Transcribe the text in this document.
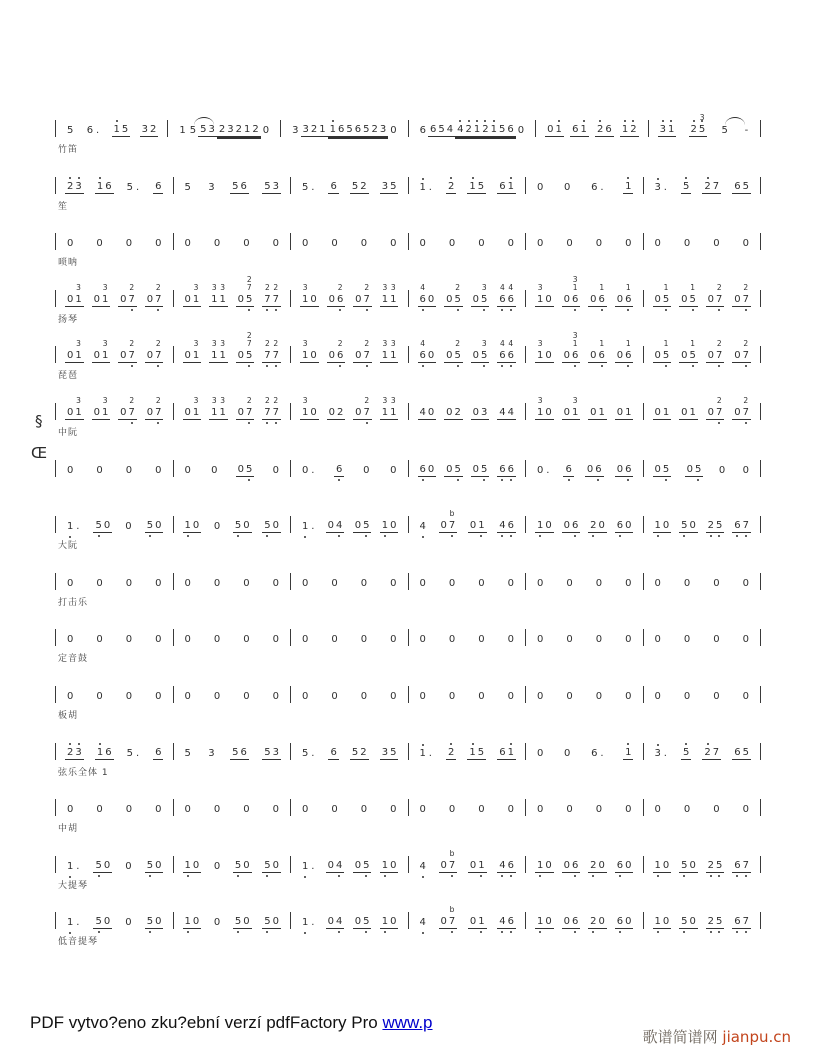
5 6 . 1 5 3 2 1 5 5 3 2 3 2 1 2 0 3 3 2 1 1 6 5 6 5 2 3 0 6 6 5 4 4 2 1 2 1 5 6 0 0 1 6 1 2 6 1 2 3 1 2 5
3
5 -
竹笛
2 3 1 6 5 . 6 5 3 5 6 5 3 5 . 6 5 2 3 5 1 . 2 1 5 6 1 0 0 6 . 1 3 . 5 2 7 6 5
笙
0 0 0 0 0 0 0 0 0 0 0 0 0 0 0 0 0 0 0 0 0 0 0 0
唢呐
0 1
3
0 1
3
0 7
2
0 7
2
0 1
3
1
3
1
3
0 5
2
7
7
2
7
2
1
3
0 0 6
2
0 7
2
1
3
1
3
6
4
0 0 5
2
0 5
3
6
4
6
4
1
3
0 0 6
3
1
0 6
1
0 6
1
0 5
1
0 5
1
0 7
2
0 7
2
扬琴
0 1
3
0 1
3
0 7
2
0 7
2
0 1
3
1
3
1
3
0 5
2
7
7
2
7
2
1
3
0 0 6
2
0 7
2
1
3
1
3
6
4
0 0 5
2
0 5
3
6
4
6
4
1
3
0 0 6
3
1
0 6
1
0 6
1
0 5
1
0 5
1
0 7
2
0 7
2
琵琶
0 1
3
0 1
3
0 7
2
0 7
2
0 1
3
1
3
1
3
0 7
2
7
2
7
2
1
3
0 0 2 0 7
2
1
3
1
3
4 0 0 2 0 3 4 4 1
3
0 0 1
3
0 1 0 1 0 1 0 1 0 7
2
0 7
2
中阮
0 0 0 0 0 0 0 5 0 0 . 6 0 0 6 0 0 5 0 5 6 6 0 . 6 0 6 0 6 0 5 0 5 0 0
1 . 5 0 0 5 0 1 0 0 5 0 5 0 1 . 0 4 0 5 1 0 4 0 7
b
0 1 4 6 1 0 0 6 2 0 6 0 1 0 5 0 2 5 6 7
大阮
0 0 0 0 0 0 0 0 0 0 0 0 0 0 0 0 0 0 0 0 0 0 0 0
打击乐
0 0 0 0 0 0 0 0 0 0 0 0 0 0 0 0 0 0 0 0 0 0 0 0
定音鼓
0 0 0 0 0 0 0 0 0 0 0 0 0 0 0 0 0 0 0 0 0 0 0 0
板胡
2 3 1 6 5 . 6 5 3 5 6 5 3 5 . 6 5 2 3 5 1 . 2 1 5 6 1 0 0 6 . 1 3 . 5 2 7 6 5
弦乐全体 1
0 0 0 0 0 0 0 0 0 0 0 0 0 0 0 0 0 0 0 0 0 0 0 0
中胡
1 . 5 0 0 5 0 1 0 0 5 0 5 0 1 . 0 4 0 5 1 0 4 0 7
b
0 1 4 6 1 0 0 6 2 0 6 0 1 0 5 0 2 5 6 7
大提琴
1 . 5 0 0 5 0 1 0 0 5 0 5 0 1 . 0 4 0 5 1 0 4 0 7
b
0 1 4 6 1 0 0 6 2 0 6 0 1 0 5 0 2 5 6 7
低音提琴
§
Œ
PDF vytvo?eno zku?ební verzí pdfFactory Pro www.p
歌谱简谱网 jianpu.cn
